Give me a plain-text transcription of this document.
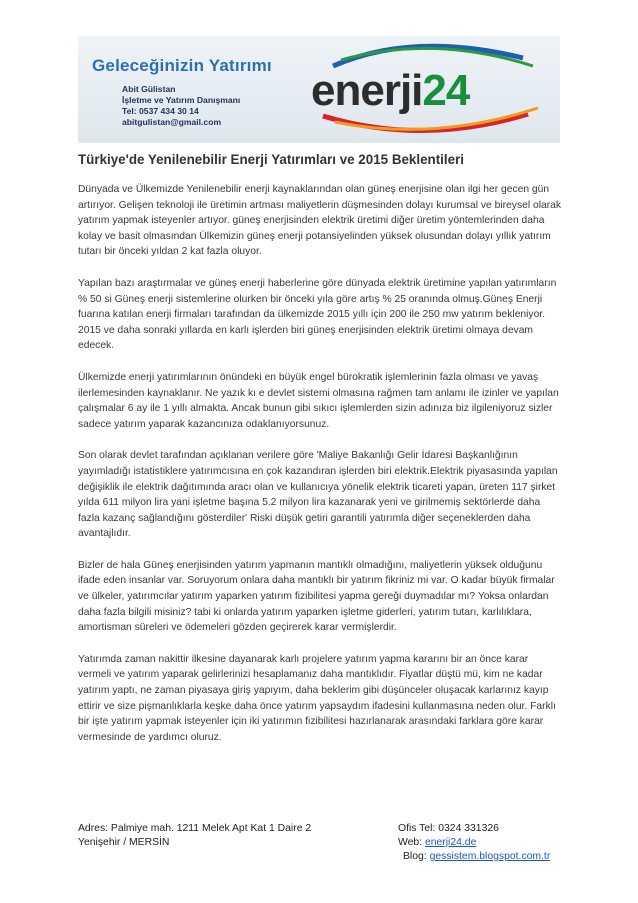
Geleceğinizin Yatırımı
Abit Gülistan
İşletme ve Yatırım Danışmanı
Tel: 0537 434 30 14
abitgulistan@gmail.com
enerji24
Türkiye'de Yenilenebilir Enerji Yatırımları ve 2015 Beklentileri

Dünyada ve Ülkemizde Yenilenebilir enerji kaynaklarından olan güneş enerjisine olan ilgi her gecen gün artırıyor. Gelişen teknoloji ile üretimin artması maliyetlerin düşmesinden dolayı kurumsal ve bireysel olarak yatırım yapmak isteyenler artıyor. güneş enerjisinden elektrik üretimi diğer üretim yöntemlerinden daha kolay ve basit olmasından Ülkemizin güneş enerji potansiyelinden yüksek olusundan dolayı yıllık yatırım tutarı bir önceki yıldan 2 kat fazla oluyor.

Yapılan bazı araştırmalar ve güneş enerji haberlerine göre dünyada elektrik üretimine yapılan yatırımların % 50 si Güneş enerji sistemlerine olurken bir önceki yıla göre artış % 25 oranında olmuş.Güneş Enerji fuarına katılan enerji firmaları tarafından da ülkemizde 2015 yıllı için 200 ile 250 mw yatırım bekleniyor. 2015 ve daha sonraki yıllarda en karlı işlerden biri güneş enerjisinden elektrik üretimi olmaya devam edecek.

Ülkemizde enerji yatırımlarının önündeki en büyük engel bürokratik işlemlerinin fazla olması ve yavaş ilerlemesinden kaynaklanır. Ne yazık kı e devlet sistemi olmasına rağmen tam anlamı ile izinler ve yapılan çalışmalar 6 ay ile 1 yıllı almakta. Ancak bunun gibi sıkıcı işlemlerden sizin adınıza biz ilgileniyoruz sizler sadece yatırım yaparak kazancınıza odaklanıyorsunuz.

Son olarak devlet tarafından açıklanan verilere göre 'Maliye Bakanlığı Gelir İdaresi Başkanlığının yayımladığı istatistiklere yatırımcısına en çok kazandıran işlerden biri elektrik.Elektrik piyasasında yapılan değişiklik ile elektrik dağıtımında aracı olan ve kullanıcıya yönelik elektrik ticareti yapan, üreten 117 şirket yılda 611 milyon lira yani işletme başına 5.2 milyon lira kazanarak yeni ve girilmemiş sektörlerde daha fazla kazanç sağlandığını gösterdiler' Riski düşük getiri garantili yatırımla diğer seçeneklerden daha avantajlıdır.

Bizler de hala Güneş enerjisinden yatırım yapmanın mantıklı olmadığını, maliyetlerin yüksek olduğunu ifade eden insanlar var. Soruyorum onlara daha mantıklı bir yatırım fikriniz mi var. O kadar büyük firmalar ve ülkeler, yatırımcılar yatırım yaparken yatırım fizibilitesi yapma gereği duymadılar mı? Yoksa onlardan daha fazla bilgili misiniz? tabi ki onlarda yatırım yaparken işletme giderleri, yatırım tutarı, karlılıklara, amortisman süreleri ve ödemeleri gözden geçirerek karar vermişlerdir.

Yatırımda zaman nakittir ilkesine dayanarak karlı projelere yatırım yapma kararını bir an önce karar vermeli ve yatırım yaparak gelirlerinizi hesaplamanız daha mantıklıdır. Fiyatlar düştü mü, kim ne kadar yatırım yaptı, ne zaman piyasaya giriş yapıyım, daha beklerim gibi düşünceler oluşacak karlarınız kayıp ettirir ve size pişmanlıklarla keşke daha önce yatırım yapsaydım ifadesini kullanmasına neden olur. Farklı bir işte yatırım yapmak isteyenler için iki yatırımın fizibilitesi hazırlanarak arasındaki farklara göre karar vermesinde de yardımcı oluruz.

Adres: Palmiye mah. 1211 Melek Apt Kat 1 Daire 2
Yenişehir / MERSİN
Ofis Tel: 0324 331326
Web: enerji24.de
Blog: gessistem.blogspot.com.tr
